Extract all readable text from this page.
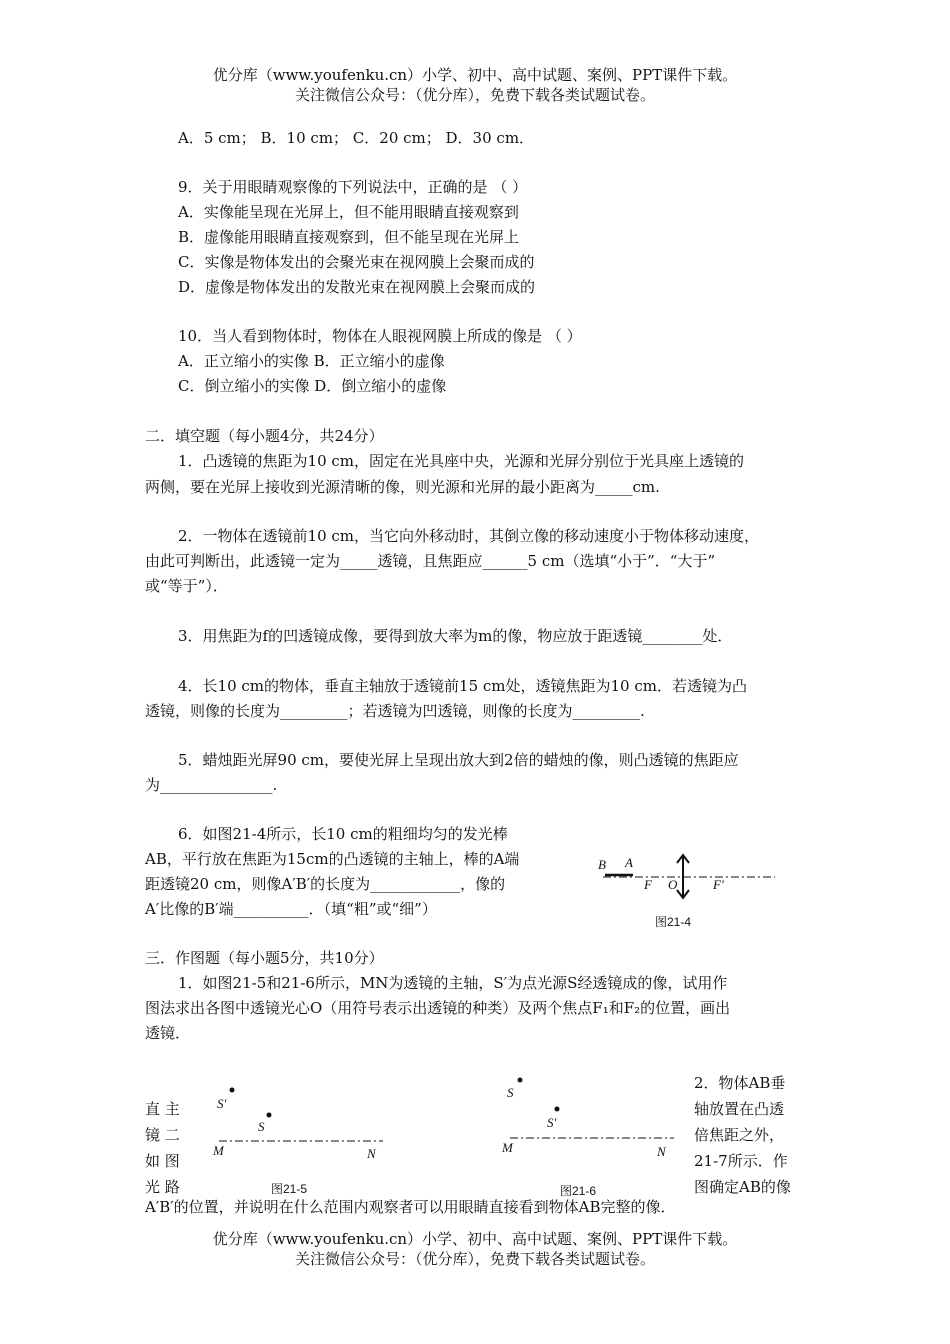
优分库（www.youfenku.cn）小学、初中、高中试题、案例、PPT课件下载。
关注微信公众号：（优分库），免费下载各类试题试卷。
A．5 cm； B．10 cm； C．20 cm； D．30 cm．
9．关于用眼睛观察像的下列说法中，正确的是 （ ）
A．实像能呈现在光屏上，但不能用眼睛直接观察到
B．虚像能用眼睛直接观察到，但不能呈现在光屏上
C．实像是物体发出的会聚光束在视网膜上会聚而成的
D．虚像是物体发出的发散光束在视网膜上会聚而成的
10．当人看到物体时，物体在人眼视网膜上所成的像是 （ ）
A．正立缩小的实像 B．正立缩小的虚像
C．倒立缩小的实像 D．倒立缩小的虚像
二．填空题（每小题4分，共24分）
1．凸透镜的焦距为10 cm，固定在光具座中央，光源和光屏分别位于光具座上透镜的
两侧，要在光屏上接收到光源清晰的像，则光源和光屏的最小距离为_____cm.
2．一物体在透镜前10 cm，当它向外移动时，其倒立像的移动速度小于物体移动速度，
由此可判断出，此透镜一定为_____透镜，且焦距应______5 cm（选填“小于”．“大于”
或“等于”）．
3．用焦距为f的凹透镜成像，要得到放大率为m的像，物应放于距透镜________处．
4．长10 cm的物体，垂直主轴放于透镜前15 cm处，透镜焦距为10 cm．若透镜为凸
透镜，则像的长度为_________；若透镜为凹透镜，则像的长度为_________.
5．蜡烛距光屏90 cm，要使光屏上呈现出放大到2倍的蜡烛的像，则凸透镜的焦距应
为_______________.
6．如图21-4所示，长10 cm的粗细均匀的发光棒
AB，平行放在焦距为15cm的凸透镜的主轴上，棒的A端
距透镜20 cm，则像A′B′的长度为____________，像的
A′比像的B′端__________．（填“粗”或“细”）
B A
F O	F′
图21-4
三．作图题（每小题5分，共10分）
1．如图21-5和21-6所示，MN为透镜的主轴，S′为点光源S经透镜成的像，试用作
图法求出各图中透镜光心O（用符号表示出透镜的种类）及两个焦点F₁和F₂的位置，画出
透镜．
直 主
镜 二
如 图
光 路
S′
S
M	N
图21-5
S
S′
M	N
图21-6
2．物体AB垂
轴放置在凸透
倍焦距之外，
21-7所示．作
图确定AB的像
A′B′的位置，并说明在什么范围内观察者可以用眼睛直接看到物体AB完整的像．
优分库（www.youfenku.cn）小学、初中、高中试题、案例、PPT课件下载。
关注微信公众号：（优分库），免费下载各类试题试卷。
